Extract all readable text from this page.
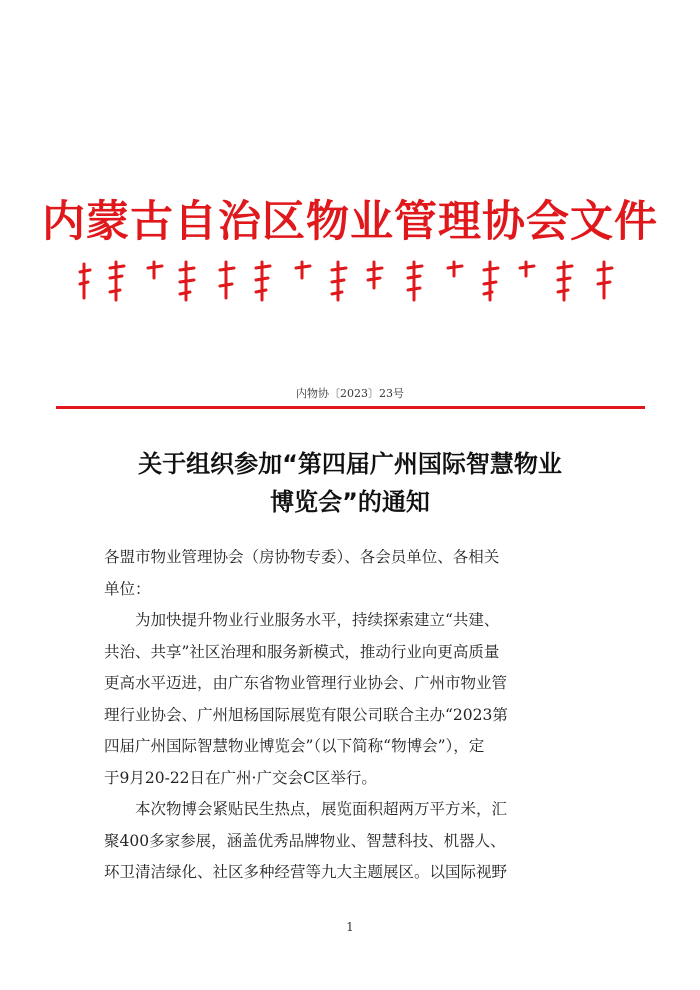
内蒙古自治区物业管理协会文件
内物协〔2023〕23号
关于组织参加“第四届广州国际智慧物业
博览会”的通知
各盟市物业管理协会（房协物专委）、各会员单位、各相关
单位：
　　为加快提升物业行业服务水平，持续探索建立“共建、
共治、共享”社区治理和服务新模式，推动行业向更高质量
更高水平迈进，由广东省物业管理行业协会、广州市物业管
理行业协会、广州旭杨国际展览有限公司联合主办“2023第
四届广州国际智慧物业博览会”（以下简称“物博会”），定
于9月20-22日在广州·广交会C区举行。
　　本次物博会紧贴民生热点，展览面积超两万平方米，汇
聚400多家参展，涵盖优秀品牌物业、智慧科技、机器人、
环卫清洁绿化、社区多种经营等九大主题展区。以国际视野
1
